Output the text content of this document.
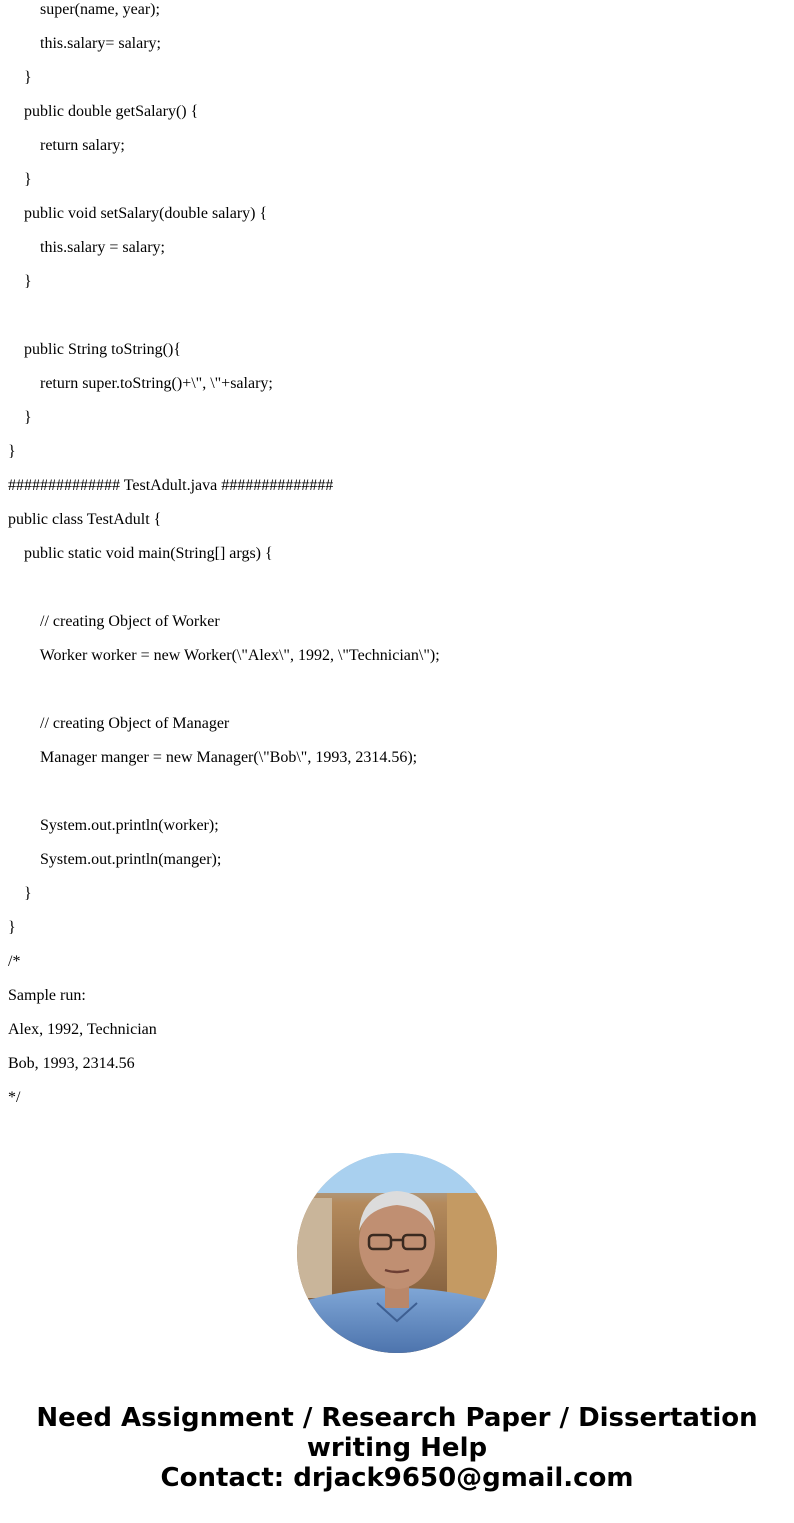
super(name, year);
this.salary= salary;
}
public double getSalary() {
return salary;
}
public void setSalary(double salary) {
this.salary = salary;
}
public String toString(){
return super.toString()+\", \"+salary;
}
}
############## TestAdult.java ##############
public class TestAdult {
public static void main(String[] args) {
// creating Object of Worker
Worker worker = new Worker(\"Alex\", 1992, \"Technician\");
// creating Object of Manager
Manager manger = new Manager(\"Bob\", 1993, 2314.56);
System.out.println(worker);
System.out.println(manger);
}
}
/*
Sample run:
Alex, 1992, Technician
Bob, 1993, 2314.56
*/
Need Assignment / Research Paper / Dissertation
writing Help
Contact: drjack9650@gmail.com
